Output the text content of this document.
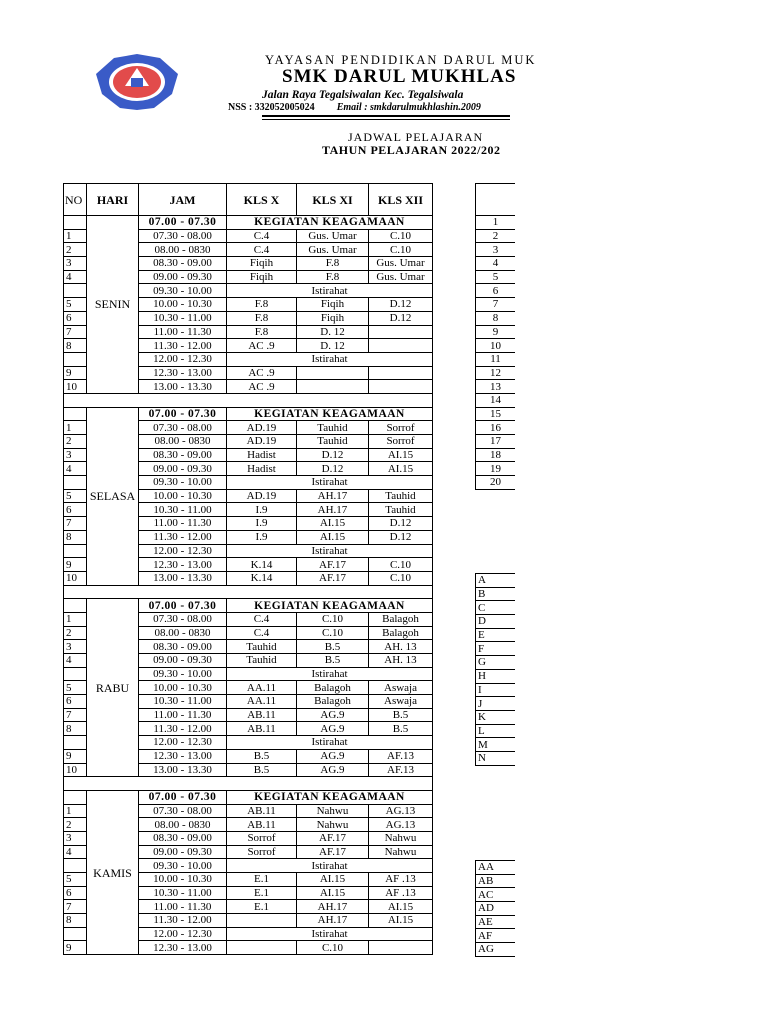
YAYASAN PENDIDIKAN DARUL MUK
SMK DARUL MUKHLAS
Jalan Raya Tegalsiwalan Kec. Tegalsiwala
NSS : 332052005024 Email : smkdarulmukhlashin.2009
JADWAL PELAJARAN
TAHUN PELAJARAN 2022/202
NO	HARI	JAM	KLS X	KLS XI	KLS XII
	SENIN	07.00 - 07.30	KEGIATAN KEAGAMAAN		
1		07.30 - 08.00	C.4	Gus. Umar	C.10
2		08.00 - 0830	C.4	Gus. Umar	C.10
3		08.30 - 09.00	Fiqih	F.8	Gus. Umar
4		09.00 - 09.30	Fiqih	F.8	Gus. Umar
		09.30 - 10.00	Istirahat		
5		10.00 - 10.30	F.8	Fiqih	D.12
6		10.30 - 11.00	F.8	Fiqih	D.12
7		11.00 - 11.30	F.8	D. 12	
8		11.30 - 12.00	AC .9	D. 12	
		12.00 - 12.30	Istirahat		
9		12.30 - 13.00	AC .9		
10		13.00 - 13.30	AC .9		

	SELASA	07.00 - 07.30	KEGIATAN KEAGAMAAN		
1		07.30 - 08.00	AD.19	Tauhid	Sorrof
2		08.00 - 0830	AD.19	Tauhid	Sorrof
3		08.30 - 09.00	Hadist	D.12	AI.15
4		09.00 - 09.30	Hadist	D.12	AI.15
		09.30 - 10.00	Istirahat		
5		10.00 - 10.30	AD.19	AH.17	Tauhid
6		10.30 - 11.00	I.9	AH.17	Tauhid
7		11.00 - 11.30	I.9	AI.15	D.12
8		11.30 - 12.00	I.9	AI.15	D.12
		12.00 - 12.30	Istirahat		
9		12.30 - 13.00	K.14	AF.17	C.10
10		13.00 - 13.30	K.14	AF.17	C.10

	RABU	07.00 - 07.30	KEGIATAN KEAGAMAAN		
1		07.30 - 08.00	C.4	C.10	Balagoh
2		08.00 - 0830	C.4	C.10	Balagoh
3		08.30 - 09.00	Tauhid	B.5	AH. 13
4		09.00 - 09.30	Tauhid	B.5	AH. 13
		09.30 - 10.00	Istirahat		
5		10.00 - 10.30	AA.11	Balagoh	Aswaja
6		10.30 - 11.00	AA.11	Balagoh	Aswaja
7		11.00 - 11.30	AB.11	AG.9	B.5
8		11.30 - 12.00	AB.11	AG.9	B.5
		12.00 - 12.30	Istirahat		
9		12.30 - 13.00	B.5	AG.9	AF.13
10		13.00 - 13.30	B.5	AG.9	AF.13

	KAMIS	07.00 - 07.30	KEGIATAN KEAGAMAAN		
1		07.30 - 08.00	AB.11	Nahwu	AG.13
2		08.00 - 0830	AB.11	Nahwu	AG.13
3		08.30 - 09.00	Sorrof	AF.17	Nahwu
4		09.00 - 09.30	Sorrof	AF.17	Nahwu
		09.30 - 10.00	Istirahat		
5		10.00 - 10.30	E.1	AI.15	AF .13
6		10.30 - 11.00	E.1	AI.15	AF .13
7		11.00 - 11.30	E.1	AH.17	AI.15
8		11.30 - 12.00		AH.17	AI.15
		12.00 - 12.30	Istirahat		
9		12.30 - 13.00		C.10	

1
2
3
4
5
6
7
8
9
10
11
12
13
14
15
16
17
18
19
20
A
B
C
D
E
F
G
H
I
J
K
L
M
N
AA
AB
AC
AD
AE
AF
AG
